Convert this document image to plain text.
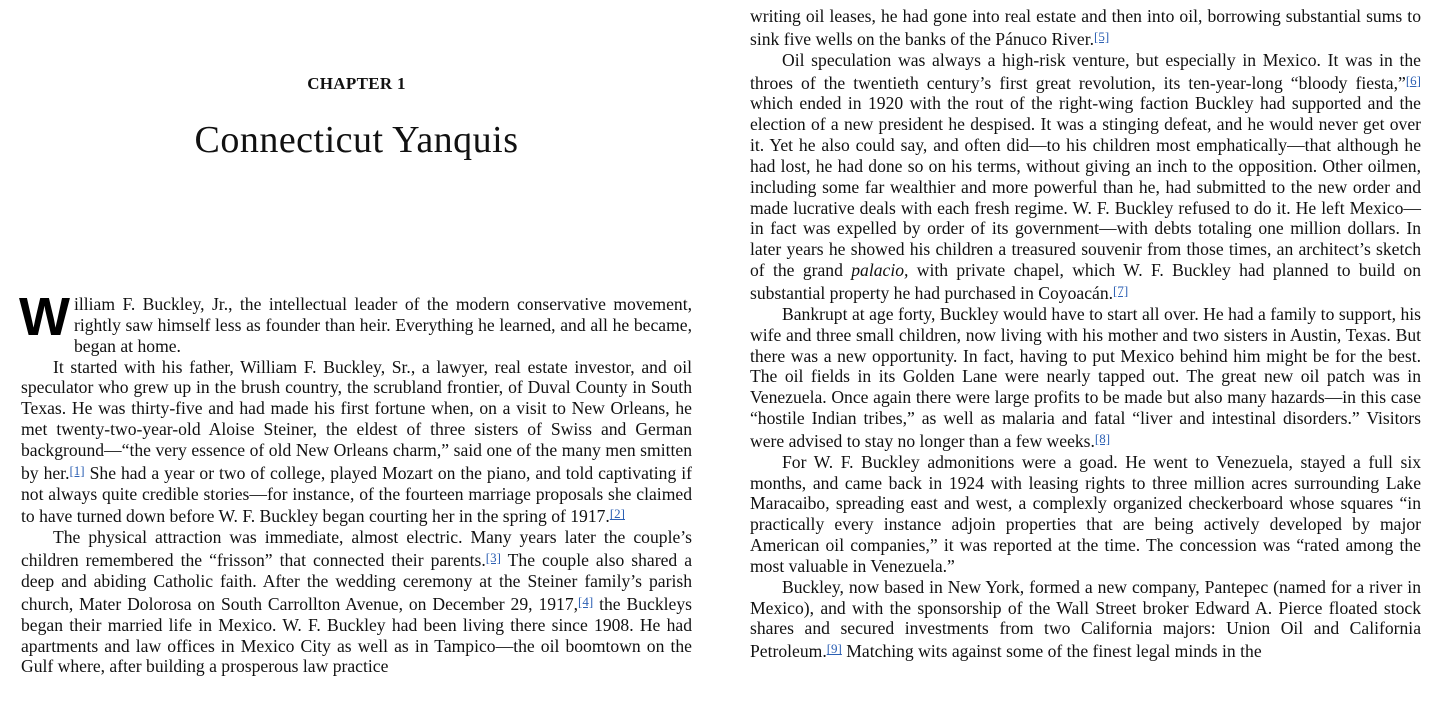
CHAPTER 1
Connecticut Yanquis

William F. Buckley, Jr., the intellectual leader of the modern conservative movement, rightly saw himself less as founder than heir. Everything he learned, and all he became, began at home.

It started with his father, William F. Buckley, Sr., a lawyer, real estate investor, and oil speculator who grew up in the brush country, the scrubland frontier, of Duval County in South Texas. He was thirty-five and had made his first fortune when, on a visit to New Orleans, he met twenty-two-year-old Aloise Steiner, the eldest of three sisters of Swiss and German background—“the very essence of old New Orleans charm,” said one of the many men smitten by her.[1] She had a year or two of college, played Mozart on the piano, and told captivating if not always quite credible stories—for instance, of the fourteen marriage proposals she claimed to have turned down before W. F. Buckley began courting her in the spring of 1917.[2]

The physical attraction was immediate, almost electric. Many years later the couple’s children remembered the “frisson” that connected their parents.[3] The couple also shared a deep and abiding Catholic faith. After the wedding ceremony at the Steiner family’s parish church, Mater Dolorosa on South Carrollton Avenue, on December 29, 1917,[4] the Buckleys began their married life in Mexico. W. F. Buckley had been living there since 1908. He had apartments and law offices in Mexico City as well as in Tampico—the oil boomtown on the Gulf where, after building a prosperous law practice

writing oil leases, he had gone into real estate and then into oil, borrowing substantial sums to sink five wells on the banks of the Pánuco River.[5]

Oil speculation was always a high-risk venture, but especially in Mexico. It was in the throes of the twentieth century’s first great revolution, its ten-year-long “bloody fiesta,”[6] which ended in 1920 with the rout of the right-wing faction Buckley had supported and the election of a new president he despised. It was a stinging defeat, and he would never get over it. Yet he also could say, and often did—to his children most emphatically—that although he had lost, he had done so on his terms, without giving an inch to the opposition. Other oilmen, including some far wealthier and more powerful than he, had submitted to the new order and made lucrative deals with each fresh regime. W. F. Buckley refused to do it. He left Mexico—in fact was expelled by order of its government—with debts totaling one million dollars. In later years he showed his children a treasured souvenir from those times, an architect’s sketch of the grand palacio, with private chapel, which W. F. Buckley had planned to build on substantial property he had purchased in Coyoacán.[7]

Bankrupt at age forty, Buckley would have to start all over. He had a family to support, his wife and three small children, now living with his mother and two sisters in Austin, Texas. But there was a new opportunity. In fact, having to put Mexico behind him might be for the best. The oil fields in its Golden Lane were nearly tapped out. The great new oil patch was in Venezuela. Once again there were large profits to be made but also many hazards—in this case “hostile Indian tribes,” as well as malaria and fatal “liver and intestinal disorders.” Visitors were advised to stay no longer than a few weeks.[8]

For W. F. Buckley admonitions were a goad. He went to Venezuela, stayed a full six months, and came back in 1924 with leasing rights to three million acres surrounding Lake Maracaibo, spreading east and west, a complexly organized checkerboard whose squares “in practically every instance adjoin properties that are being actively developed by major American oil companies,” it was reported at the time. The concession was “rated among the most valuable in Venezuela.”

Buckley, now based in New York, formed a new company, Pantepec (named for a river in Mexico), and with the sponsorship of the Wall Street broker Edward A. Pierce floated stock shares and secured investments from two California majors: Union Oil and California Petroleum.[9] Matching wits against some of the finest legal minds in the
